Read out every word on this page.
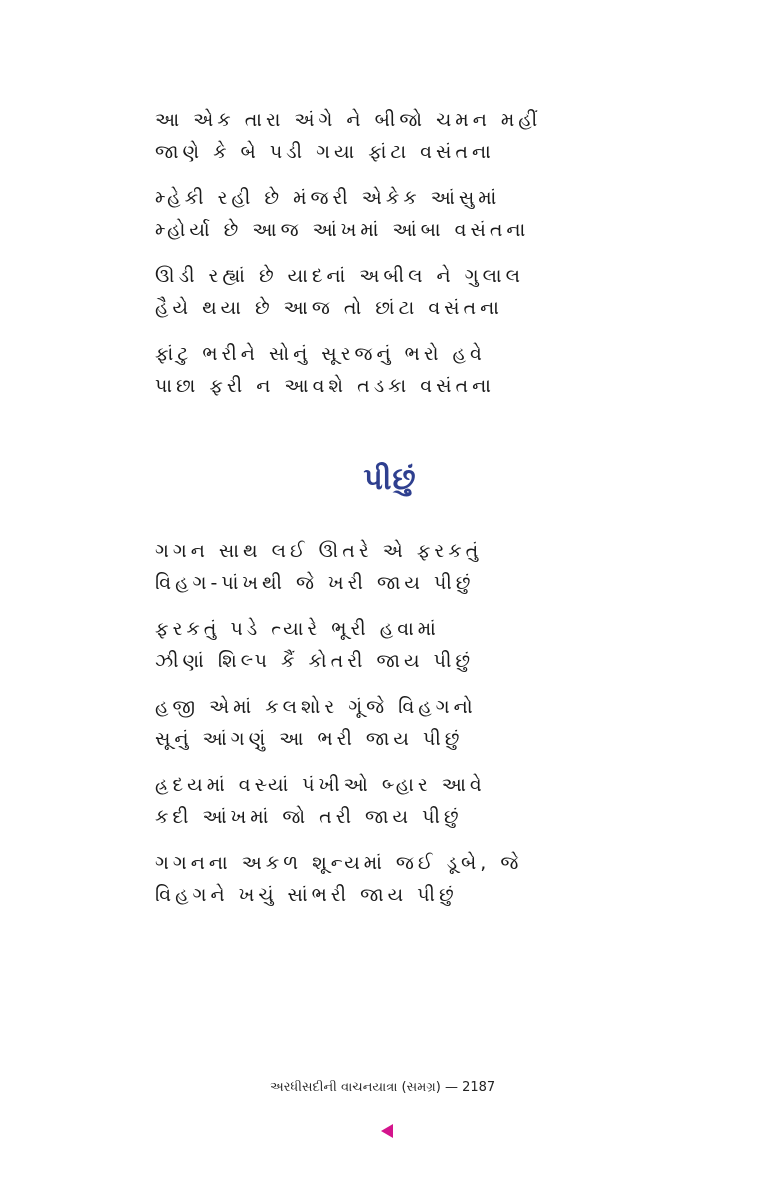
આ એક તારા અંગે ને બીજો ચમન મહીં
જાણે કે બે પડી ગયા ફાંટા વસંતના
મ્હેકી રહી છે મંજરી એકેક આંસુમાં
મ્હોર્યા છે આજ આંખમાં આંબા વસંતના
ઊડી રહ્યાં છે યાદનાં અબીલ ને ગુલાલ
હૈયે થયા છે આજ તો છાંટા વસંતના
ફાંટુ ભરીને સોનું સૂરજનું ભરો હવે
પાછા ફરી ન આવશે તડકા વસંતના
પીછું
ગગન સાથ લઈ ઊતરે એ ફરકતું
વિહગ-પાંખથી જે ખરી જાય પીછું
ફરકતું પડે ત્યારે ભૂરી હવામાં
ઝીણાં શિલ્પ કૈં કોતરી જાય પીછું
હજી એમાં કલશોર ગૂંજે વિહગનો
સૂનું આંગણું આ ભરી જાય પીછું
હ્રદયમાં વસ્યાં પંખીઓ બ્હાર આવે
કદી આંખમાં જો તરી જાય પીછું
ગગનના અકળ શૂન્યમાં જઈ ડૂબે, જે
વિહગને ખચું સાંભરી જાય પીછું
અરધીસદીની વાચનયાત્રા (સમગ્ર) — 2187
